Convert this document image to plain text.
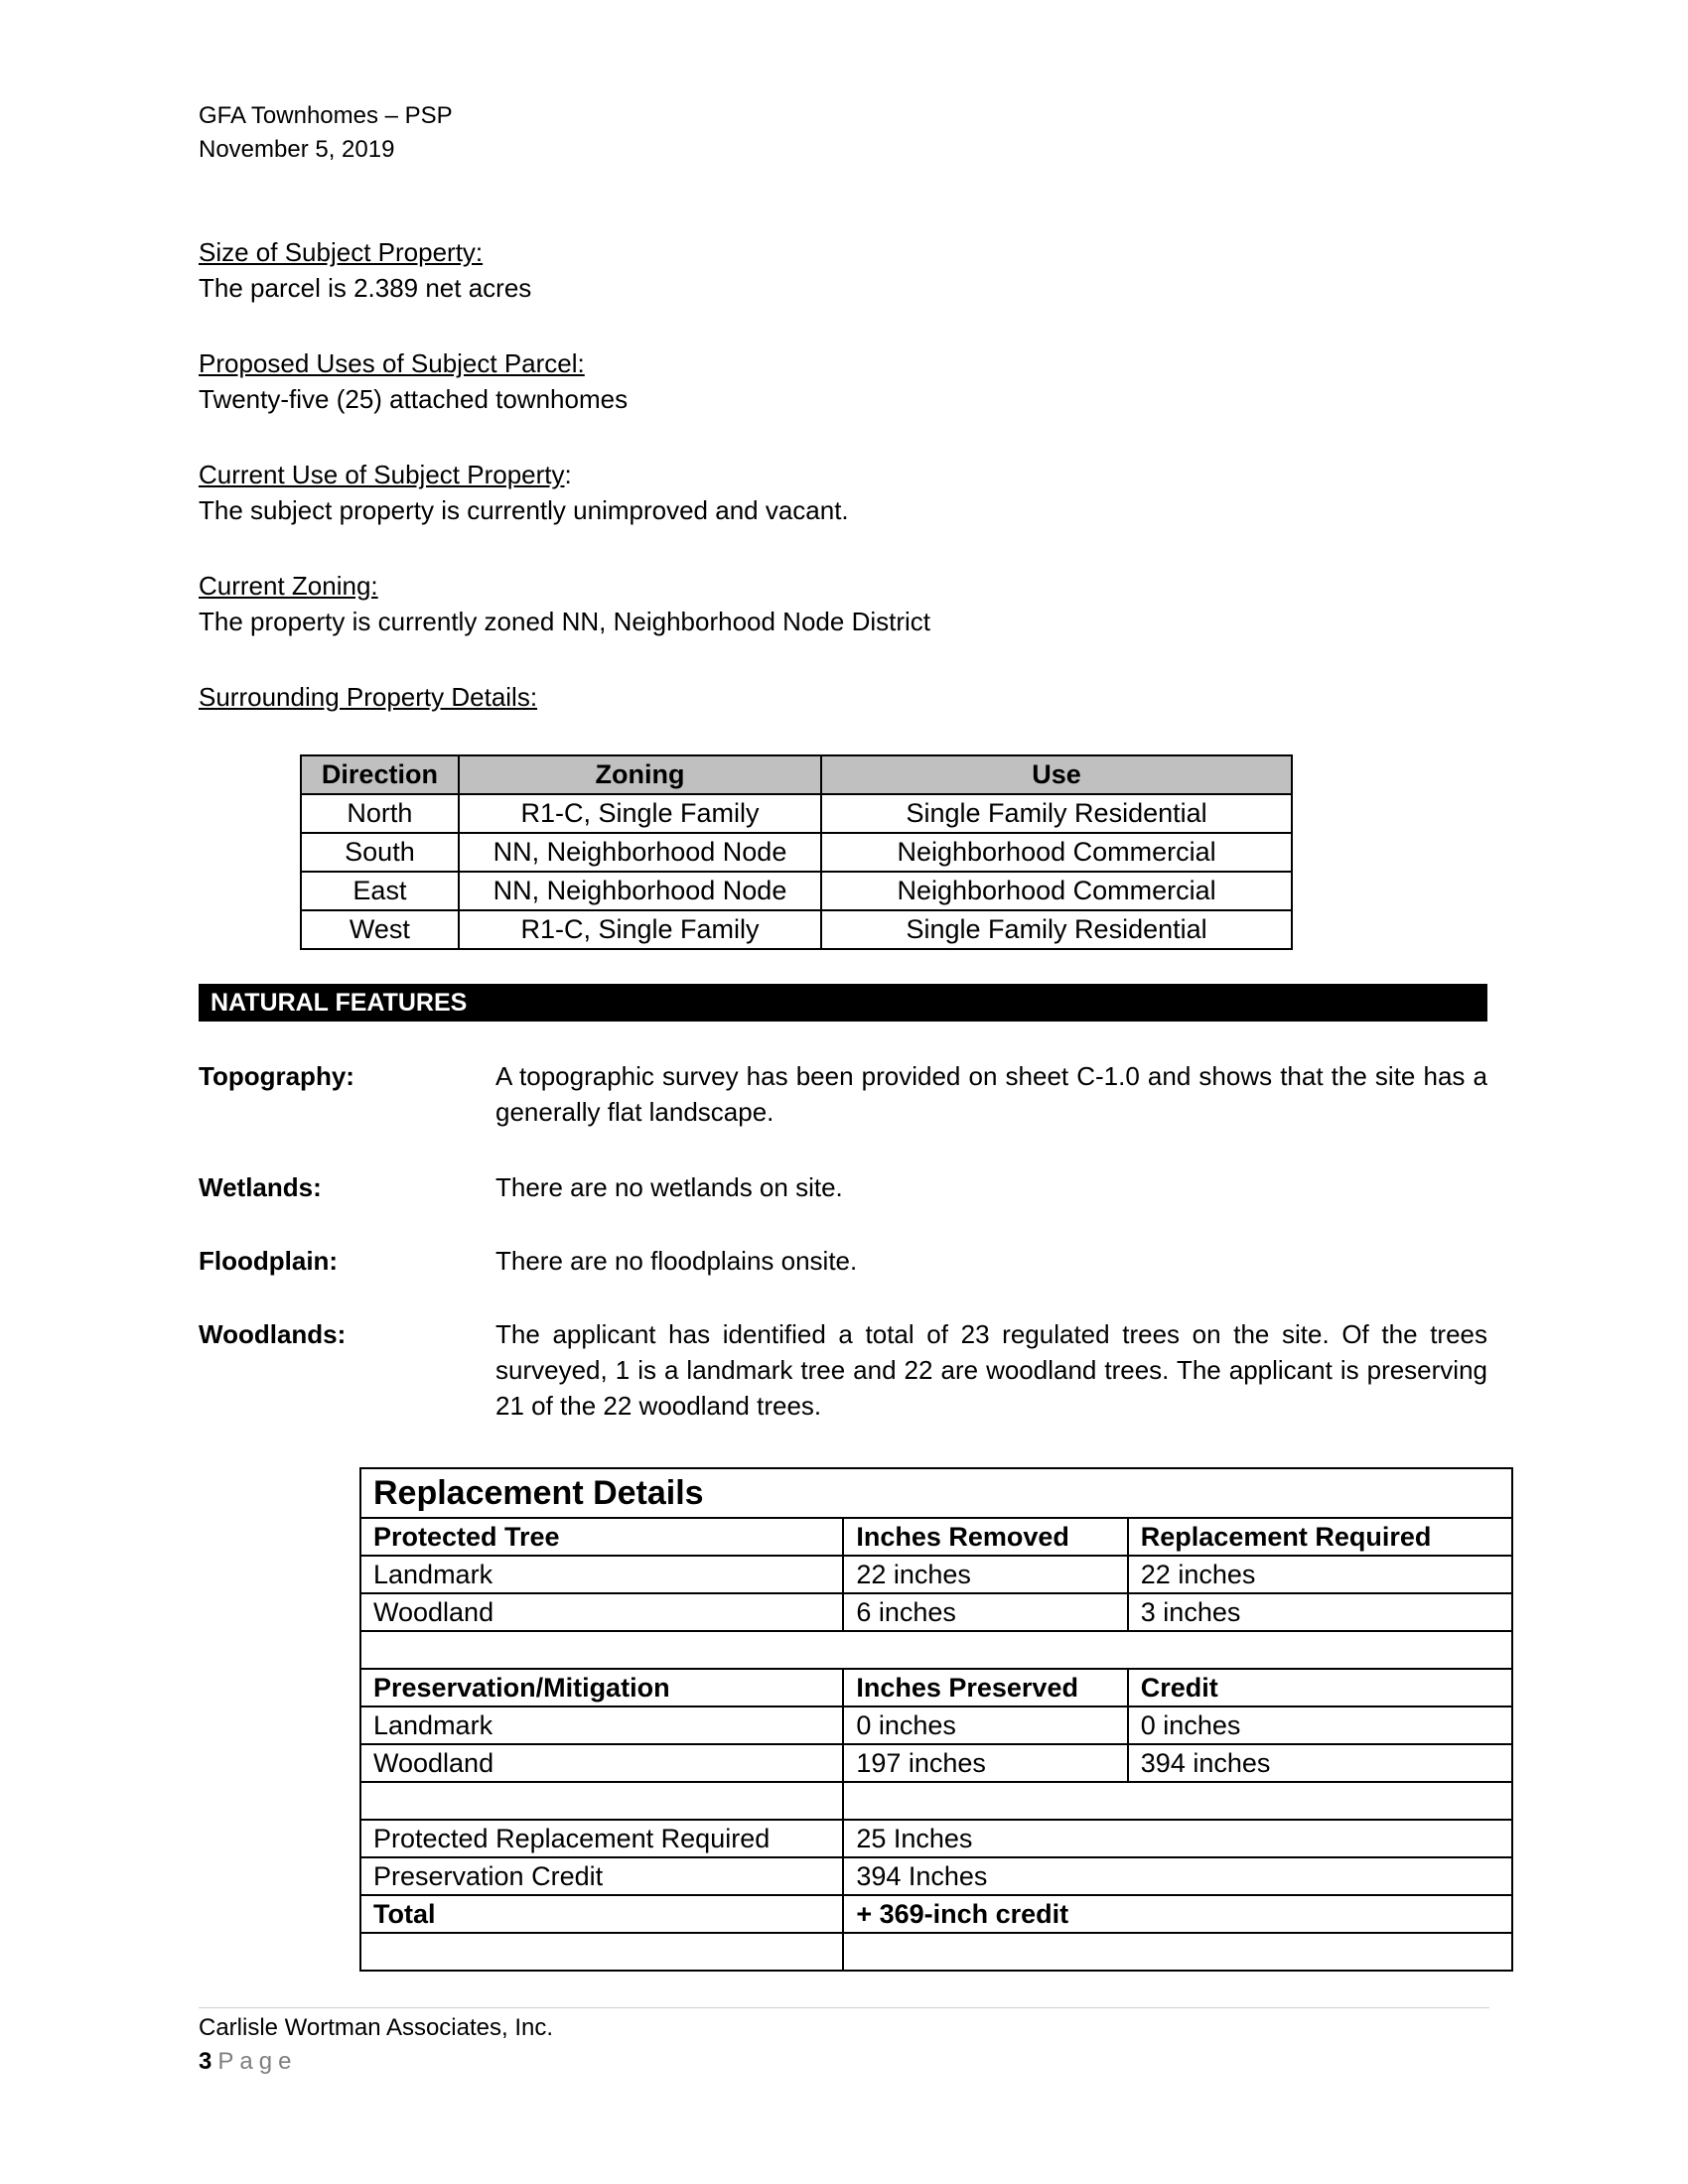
GFA Townhomes – PSP
November 5, 2019
Size of Subject Property:
The parcel is 2.389 net acres
Proposed Uses of Subject Parcel:
Twenty-five (25) attached townhomes
Current Use of Subject Property:
The subject property is currently unimproved and vacant.
Current Zoning:
The property is currently zoned NN, Neighborhood Node District
Surrounding Property Details:
Direction	Zoning	Use
North	R1-C, Single Family	Single Family Residential
South	NN, Neighborhood Node	Neighborhood Commercial
East	NN, Neighborhood Node	Neighborhood Commercial
West	R1-C, Single Family	Single Family Residential
NATURAL FEATURES
Topography:	A topographic survey has been provided on sheet C-1.0 and shows that the site has a generally flat landscape.
Wetlands:	There are no wetlands on site.
Floodplain:	There are no floodplains onsite.
Woodlands:	The applicant has identified a total of 23 regulated trees on the site. Of the trees surveyed, 1 is a landmark tree and 22 are woodland trees. The applicant is preserving 21 of the 22 woodland trees.
Replacement Details		
Protected Tree	Inches Removed	Replacement Required
Landmark	22 inches	22 inches
Woodland	6 inches	3 inches

Preservation/Mitigation	Inches Preserved	Credit
Landmark	0 inches	0 inches
Woodland	197 inches	394 inches

Protected Replacement Required	25 Inches	
Preservation Credit	394 Inches	
Total	+ 369-inch credit	

Carlisle Wortman Associates, Inc.
3 Page
